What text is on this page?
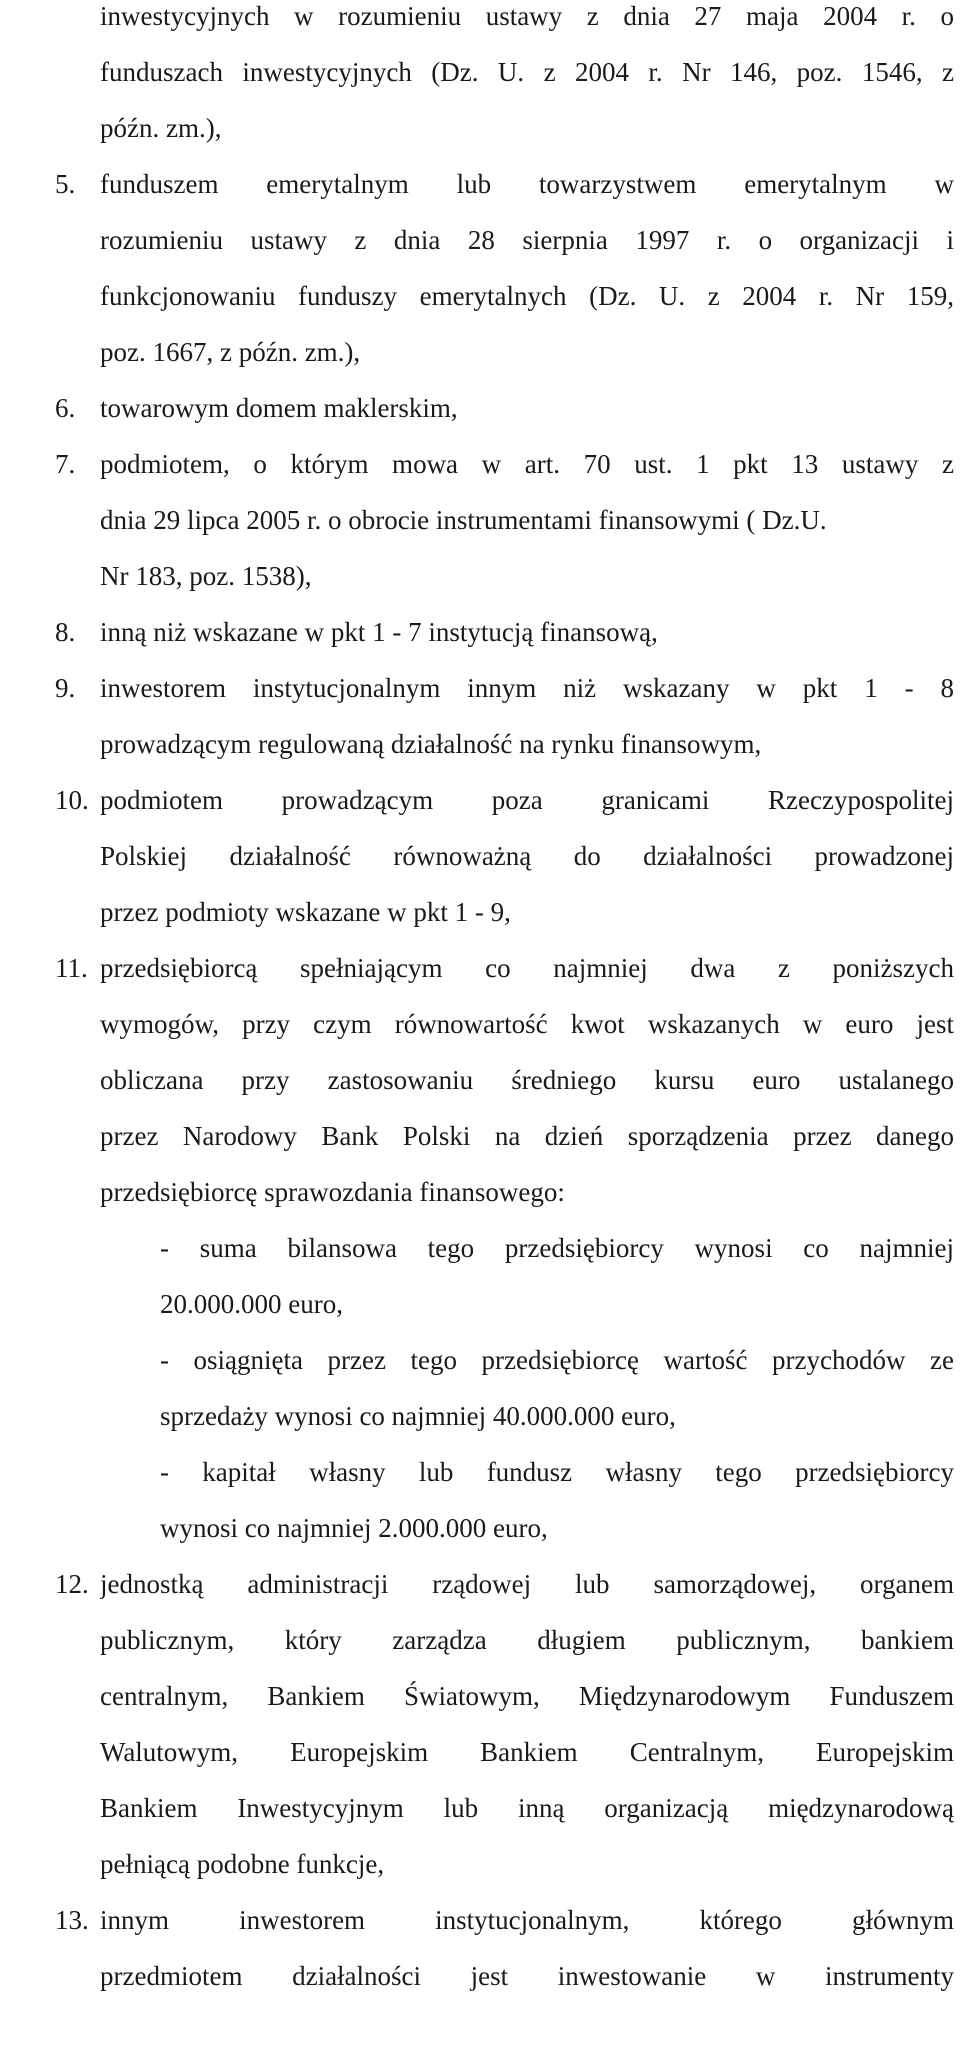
inwestycyjnych w rozumieniu ustawy z dnia 27 maja 2004 r. o
funduszach inwestycyjnych (Dz. U. z 2004 r. Nr 146, poz. 1546, z
późn. zm.),
5. funduszem emerytalnym lub towarzystwem emerytalnym w
rozumieniu ustawy z dnia 28 sierpnia 1997 r. o organizacji i
funkcjonowaniu funduszy emerytalnych (Dz. U. z 2004 r. Nr 159,
poz. 1667, z późn. zm.),
6. towarowym domem maklerskim,
7. podmiotem, o którym mowa w art. 70 ust. 1 pkt 13 ustawy z
dnia 29 lipca 2005 r. o obrocie instrumentami finansowymi ( Dz.U.
Nr 183, poz. 1538),
8. inną niż wskazane w pkt 1 - 7 instytucją finansową,
9. inwestorem instytucjonalnym innym niż wskazany w pkt 1 - 8
prowadzącym regulowaną działalność na rynku finansowym,
10. podmiotem prowadzącym poza granicami Rzeczypospolitej
Polskiej działalność równoważną do działalności prowadzonej
przez podmioty wskazane w pkt 1 - 9,
11. przedsiębiorcą spełniającym co najmniej dwa z poniższych
wymogów, przy czym równowartość kwot wskazanych w euro jest
obliczana przy zastosowaniu średniego kursu euro ustalanego
przez Narodowy Bank Polski na dzień sporządzenia przez danego
przedsiębiorcę sprawozdania finansowego:
- suma bilansowa tego przedsiębiorcy wynosi co najmniej
20.000.000 euro,
- osiągnięta przez tego przedsiębiorcę wartość przychodów ze
sprzedaży wynosi co najmniej 40.000.000 euro,
- kapitał własny lub fundusz własny tego przedsiębiorcy
wynosi co najmniej 2.000.000 euro,
12. jednostką administracji rządowej lub samorządowej, organem
publicznym, który zarządza długiem publicznym, bankiem
centralnym, Bankiem Światowym, Międzynarodowym Funduszem
Walutowym, Europejskim Bankiem Centralnym, Europejskim
Bankiem Inwestycyjnym lub inną organizacją międzynarodową
pełniącą podobne funkcje,
13. innym inwestorem instytucjonalnym, którego głównym
przedmiotem działalności jest inwestowanie w instrumenty
